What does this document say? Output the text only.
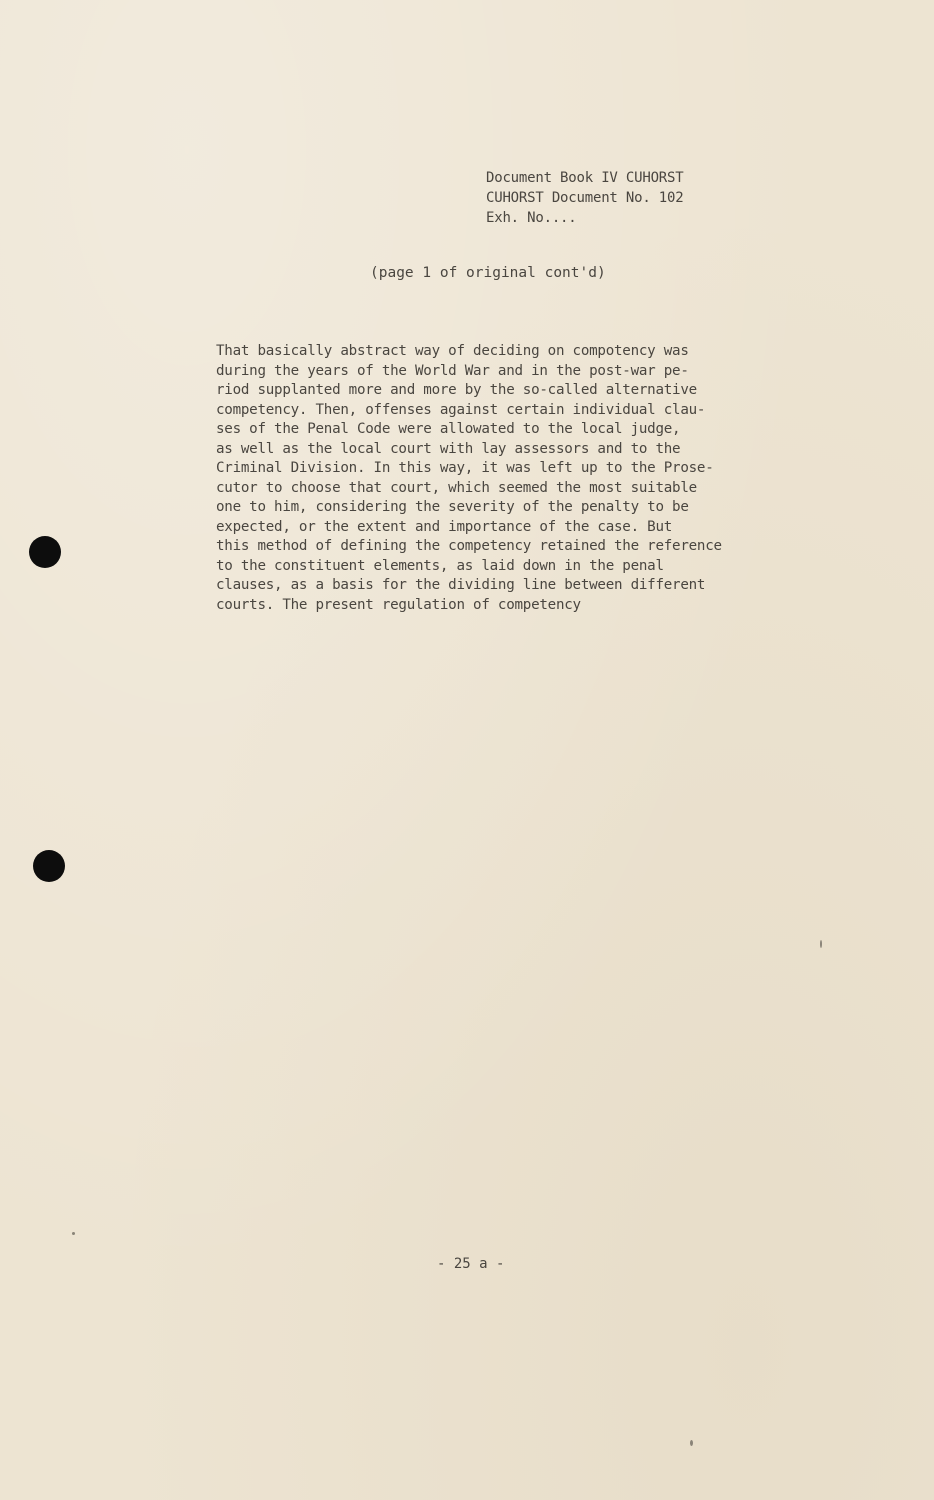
Document Book IV CUHORST
CUHORST Document No. 102
Exh. No....
(page 1 of original cont'd)
That basically abstract way of deciding on compotency was
during the years of the World War and in the post-war pe-
riod supplanted more and more by the so-called alternative
competency. Then, offenses against certain individual clau-
ses of the Penal Code were allowated to the local judge,
as well as the local court with lay assessors and to the
Criminal Division. In this way, it was left up to the Prose-
cutor to choose that court, which seemed the most suitable
one to him, considering the severity of the penalty to be
expected, or the extent and importance of the case. But
this method of defining the competency retained the reference
to the constituent elements, as laid down in the penal
clauses, as a basis for the dividing line between different
courts. The present regulation of competency
- 25 a -
